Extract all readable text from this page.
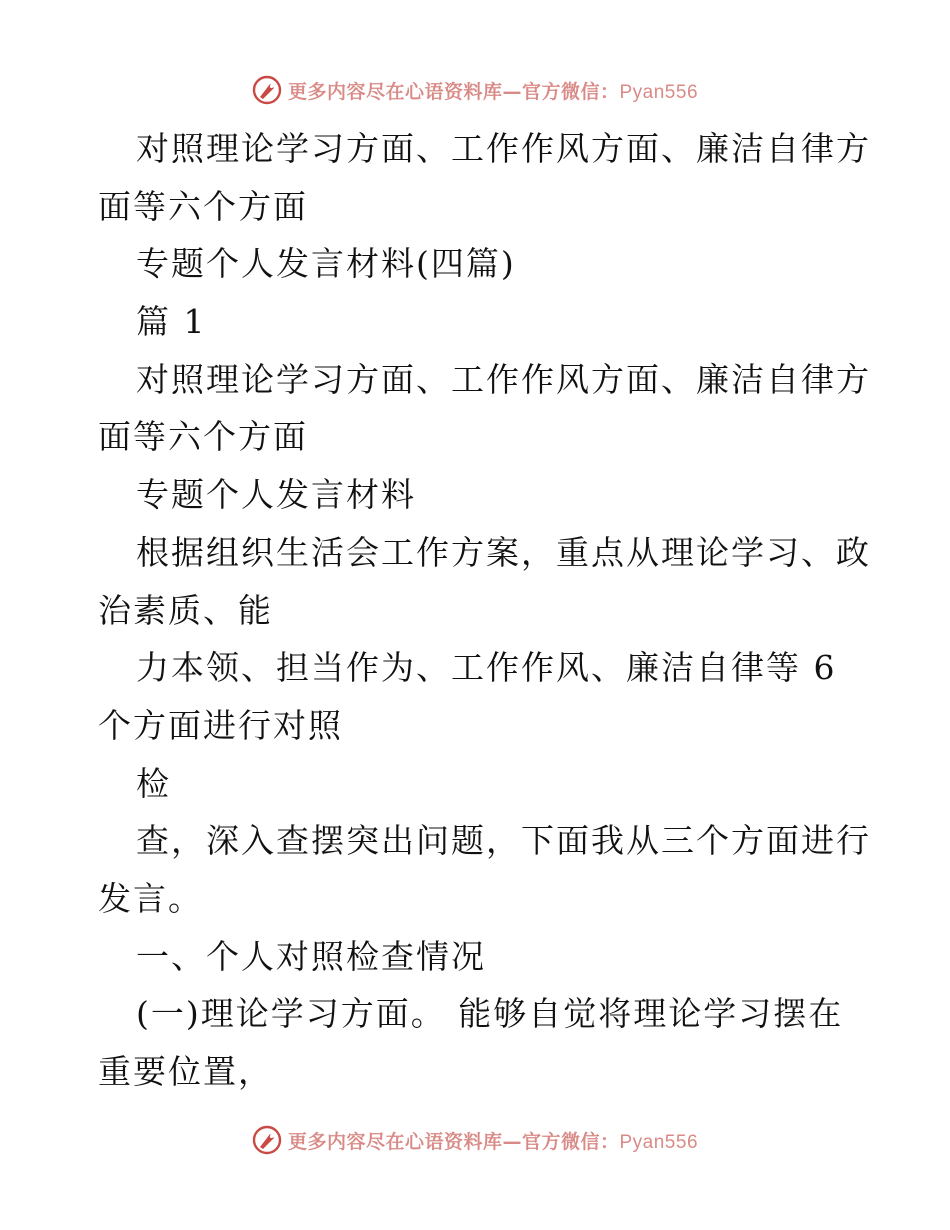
更多内容尽在心语资料库—官方微信：Pyan556
对照理论学习方面、工作作风方面、廉洁自律方
面等六个方面
专题个人发言材料(四篇)
篇 1
对照理论学习方面、工作作风方面、廉洁自律方
面等六个方面
专题个人发言材料
根据组织生活会工作方案，重点从理论学习、政
治素质、能
力本领、担当作为、工作作风、廉洁自律等 6
个方面进行对照
检
查，深入查摆突出问题，下面我从三个方面进行
发言。
一、个人对照检查情况
(一)理论学习方面。 能够自觉将理论学习摆在
重要位置，
更多内容尽在心语资料库—官方微信：Pyan556
